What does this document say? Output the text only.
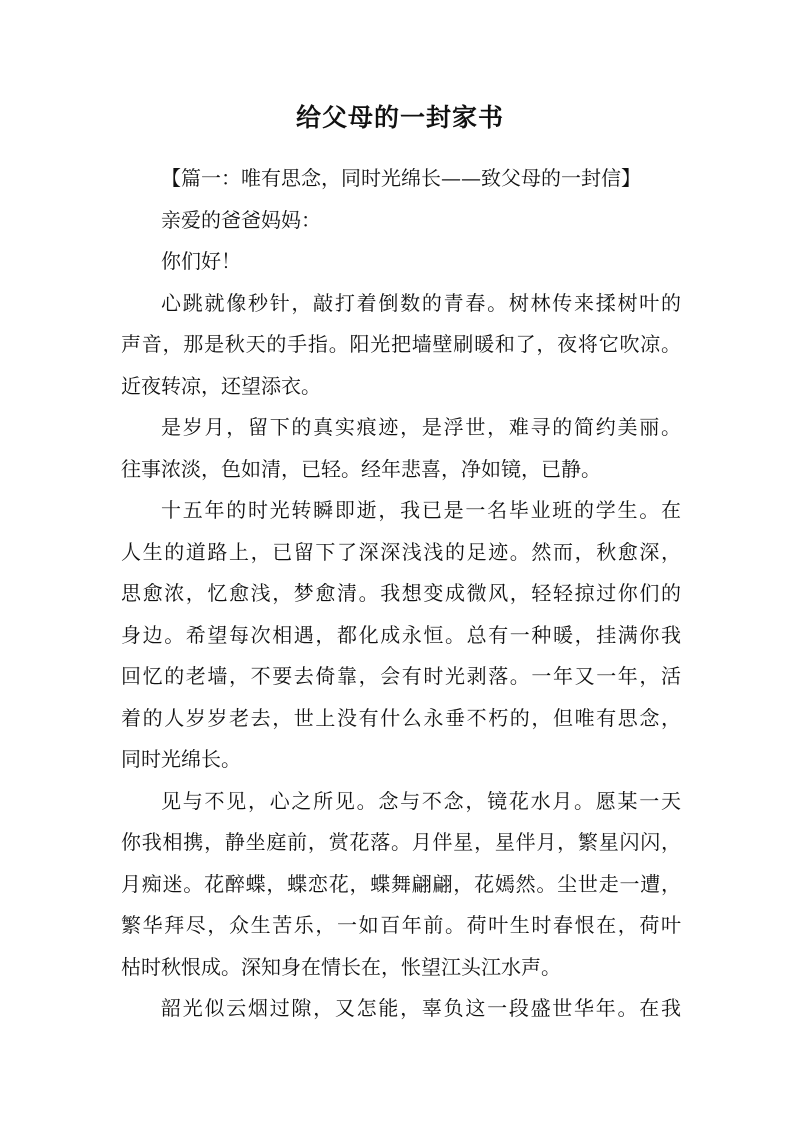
给父母的一封家书
【篇一：唯有思念，同时光绵长——致父母的一封信】
亲爱的爸爸妈妈：
你们好！
心跳就像秒针，敲打着倒数的青春。树林传来揉树叶的
声音，那是秋天的手指。阳光把墙壁刷暖和了，夜将它吹凉。
近夜转凉，还望添衣。
是岁月，留下的真实痕迹，是浮世，难寻的简约美丽。
往事浓淡，色如清，已轻。经年悲喜，净如镜，已静。
十五年的时光转瞬即逝，我已是一名毕业班的学生。在
人生的道路上，已留下了深深浅浅的足迹。然而，秋愈深，
思愈浓，忆愈浅，梦愈清。我想变成微风，轻轻掠过你们的
身边。希望每次相遇，都化成永恒。总有一种暖，挂满你我
回忆的老墙，不要去倚靠，会有时光剥落。一年又一年，活
着的人岁岁老去，世上没有什么永垂不朽的，但唯有思念，
同时光绵长。
见与不见，心之所见。念与不念，镜花水月。愿某一天
你我相携，静坐庭前，赏花落。月伴星，星伴月，繁星闪闪，
月痴迷。花醉蝶，蝶恋花，蝶舞翩翩，花嫣然。尘世走一遭，
繁华拜尽，众生苦乐，一如百年前。荷叶生时春恨在，荷叶
枯时秋恨成。深知身在情长在，怅望江头江水声。
韶光似云烟过隙，又怎能，辜负这一段盛世华年。在我
